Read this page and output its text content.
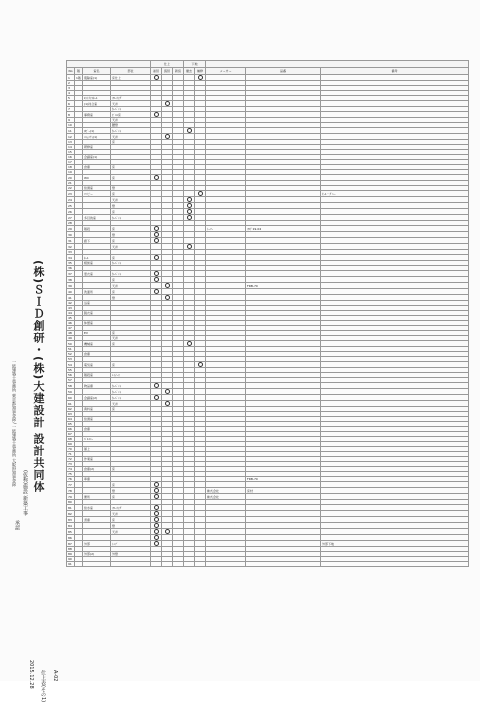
(株)ＳＩＤ創研・(株)大建設計 設計共同体
一級建築士事務所 東京都知事登録 / 一級建築士事務所 大阪府知事登録
(仮称)施設 新築工事
承認
2015.12.28 仕上表(その1) A-02
				仕上			下地				
No	階	室名	部位	塗替	張替	新設	撤去	補修	メーカー	品番	備考
1	1階	風除室(1)	床仕上								
2											
3											
4											
5		ｴﾝﾄﾗﾝｽﾎｰﾙ	ﾌﾛｰﾘﾝｸﾞ								
6		(1)待合室	天井								
7			ｶｰﾍﾟｯﾄ								
8		事務室	ﾋﾞﾆﾙ床								
9			天井								
10			腰壁								
11		ﾛﾋﾞｰ(1)	ｶｰﾍﾟｯﾄ								
12		ｺﾐｭﾆﾃｨ(1)	天井								
13			床								
14		研修室									
15											
16		会議室(1)									
17											
18		倉庫	床								
19											
20		WC	床								
21											
22		給湯室	壁								
23		ロビー	床								ﾓｰﾙ・ｸﾞﾚｰ
24			天井								
25			壁								
26			床								
27		多目的室	ｶｰﾍﾟｯﾄ								
28											
29		階段	床						ﾄｰｿｰ	ﾌﾛｱ 19-04	
30			壁								
31		廊下	床								
32			天井								
33											
34		ﾎｰﾙ	床								
35		相談室	ｶｰﾍﾟｯﾄ								
36											
37		更衣室	ｶｰﾍﾟｯﾄ								
38			床								
39			天井							FRB-70	
40		洗面所	床								
41			壁								
42		浴室									
43											
44		脱衣室									
45											
46		休憩室									
47											
48		EV	床								
49			天井								
50		機械室	床								
51											
52		倉庫									
53											
54		電気室	床								
55											
56		階段室	ﾚｲﾉｰｽ								
57											
58		物品庫	ｶｰﾍﾟｯﾄ								
59			ｶｰﾍﾟｯﾄ								
60		会議室(2)	ｶｰﾍﾟｯﾄ								
61			天井								
62		資料室	床								
63											
64		給湯室									
65											
66		倉庫									
67											
68		ﾊﾞﾙｺﾆｰ									
69											
70		屋上									
71											
72		作業室									
73											
74		倉庫(2)	床								
75											
76		車庫								FRB-70	
77			床								
78			壁						株式会社	床材	
79		便所	床						株式会社		
80											
81		給水室	ﾌﾛｰﾘﾝｸﾞ								
82			天井								
83		書庫	床								
84			壁								
85			天井								
86											
87		外部	ﾄｯﾌﾟ								外部下地
88											
89		外部(2)	外壁								
90											
91											
